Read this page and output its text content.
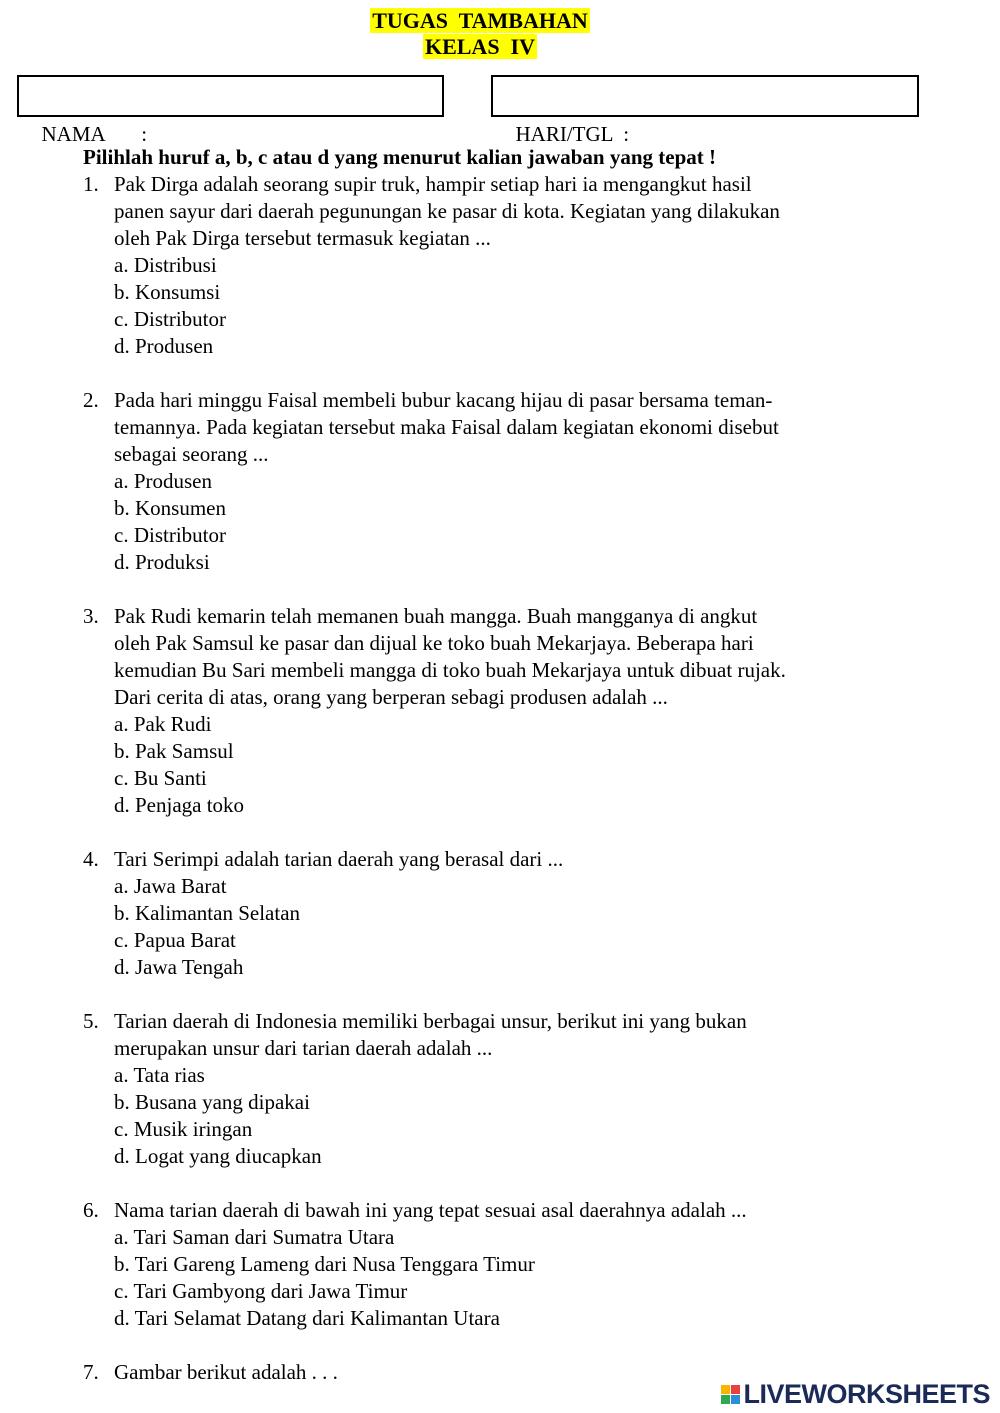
TUGAS  TAMBAHAN
KELAS  IV

NAMA       :	HARI/TGL  :

Pilihlah huruf a, b, c atau d yang menurut kalian jawaban yang tepat !
1. Pak Dirga adalah seorang supir truk, hampir setiap hari ia mengangkut hasil
panen sayur dari daerah pegunungan ke pasar di kota. Kegiatan yang dilakukan
oleh Pak Dirga tersebut termasuk kegiatan ...
a. Distribusi
b. Konsumsi
c. Distributor
d. Produsen
2. Pada hari minggu Faisal membeli bubur kacang hijau di pasar bersama teman-
temannya. Pada kegiatan tersebut maka Faisal dalam kegiatan ekonomi disebut
sebagai seorang ...
a. Produsen
b. Konsumen
c. Distributor
d. Produksi
3. Pak Rudi kemarin telah memanen buah mangga. Buah mangganya di angkut
oleh Pak Samsul ke pasar dan dijual ke toko buah Mekarjaya. Beberapa hari
kemudian Bu Sari membeli mangga di toko buah Mekarjaya untuk dibuat rujak.
Dari cerita di atas, orang yang berperan sebagi produsen adalah ...
a. Pak Rudi
b. Pak Samsul
c. Bu Santi
d. Penjaga toko
4. Tari Serimpi adalah tarian daerah yang berasal dari ...
a. Jawa Barat
b. Kalimantan Selatan
c. Papua Barat
d. Jawa Tengah
5. Tarian daerah di Indonesia memiliki berbagai unsur, berikut ini yang bukan
merupakan unsur dari tarian daerah adalah ...
a. Tata rias
b. Busana yang dipakai
c. Musik iringan
d. Logat yang diucapkan
6. Nama tarian daerah di bawah ini yang tepat sesuai asal daerahnya adalah ...
a. Tari Saman dari Sumatra Utara
b. Tari Gareng Lameng dari Nusa Tenggara Timur
c. Tari Gambyong dari Jawa Timur
d. Tari Selamat Datang dari Kalimantan Utara
7. Gambar berikut adalah . . .
LIVEWORKSHEETS
